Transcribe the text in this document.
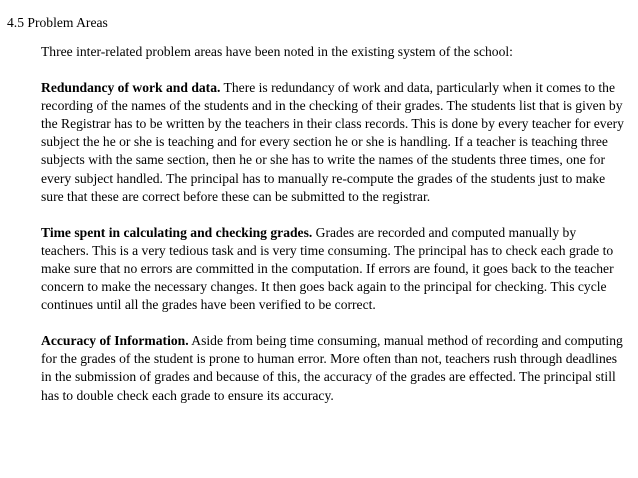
4.5 Problem Areas

Three inter-related problem areas have been noted in the existing system of the school:

Redundancy of work and data. There is redundancy of work and data, particularly when it comes to the recording of the names of the students and in the checking of their grades. The students list that is given by the Registrar has to be written by the teachers in their class records. This is done by every teacher for every subject the he or she is teaching and for every section he or she is handling. If a teacher is teaching three subjects with the same section, then he or she has to write the names of the students three times, one for every subject handled. The principal has to manually re-compute the grades of the students just to make sure that these are correct before these can be submitted to the registrar.

Time spent in calculating and checking grades. Grades are recorded and computed manually by teachers. This is a very tedious task and is very time consuming. The principal has to check each grade to make sure that no errors are committed in the computation. If errors are found, it goes back to the teacher concern to make the necessary changes. It then goes back again to the principal for checking. This cycle continues until all the grades have been verified to be correct.

Accuracy of Information. Aside from being time consuming, manual method of recording and computing for the grades of the student is prone to human error. More often than not, teachers rush through deadlines in the submission of grades and because of this, the accuracy of the grades are effected. The principal still has to double check each grade to ensure its accuracy.
